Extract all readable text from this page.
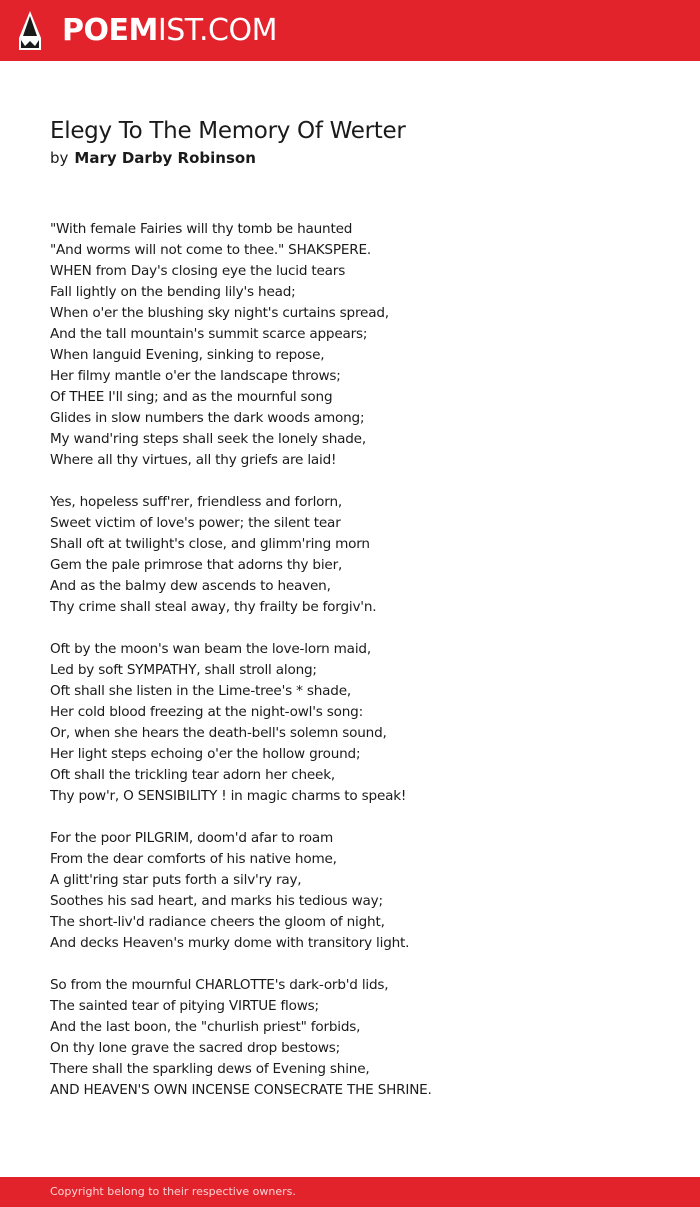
POEMIST.COM
Elegy To The Memory Of Werter
by Mary Darby Robinson
"With female Fairies will thy tomb be haunted
"And worms will not come to thee." SHAKSPERE.
WHEN from Day's closing eye the lucid tears
Fall lightly on the bending lily's head;
When o'er the blushing sky night's curtains spread,
And the tall mountain's summit scarce appears;
When languid Evening, sinking to repose,
Her filmy mantle o'er the landscape throws;
Of THEE I'll sing; and as the mournful song
Glides in slow numbers the dark woods among;
My wand'ring steps shall seek the lonely shade,
Where all thy virtues, all thy griefs are laid!
Yes, hopeless suff'rer, friendless and forlorn,
Sweet victim of love's power; the silent tear
Shall oft at twilight's close, and glimm'ring morn
Gem the pale primrose that adorns thy bier,
And as the balmy dew ascends to heaven,
Thy crime shall steal away, thy frailty be forgiv'n.
Oft by the moon's wan beam the love-lorn maid,
Led by soft SYMPATHY, shall stroll along;
Oft shall she listen in the Lime-tree's * shade,
Her cold blood freezing at the night-owl's song:
Or, when she hears the death-bell's solemn sound,
Her light steps echoing o'er the hollow ground;
Oft shall the trickling tear adorn her cheek,
Thy pow'r, O SENSIBILITY ! in magic charms to speak!
For the poor PILGRIM, doom'd afar to roam
From the dear comforts of his native home,
A glitt'ring star puts forth a silv'ry ray,
Soothes his sad heart, and marks his tedious way;
The short-liv'd radiance cheers the gloom of night,
And decks Heaven's murky dome with transitory light.
So from the mournful CHARLOTTE's dark-orb'd lids,
The sainted tear of pitying VIRTUE flows;
And the last boon, the "churlish priest" forbids,
On thy lone grave the sacred drop bestows;
There shall the sparkling dews of Evening shine,
AND HEAVEN'S OWN INCENSE CONSECRATE THE SHRINE.
Copyright belong to their respective owners.
